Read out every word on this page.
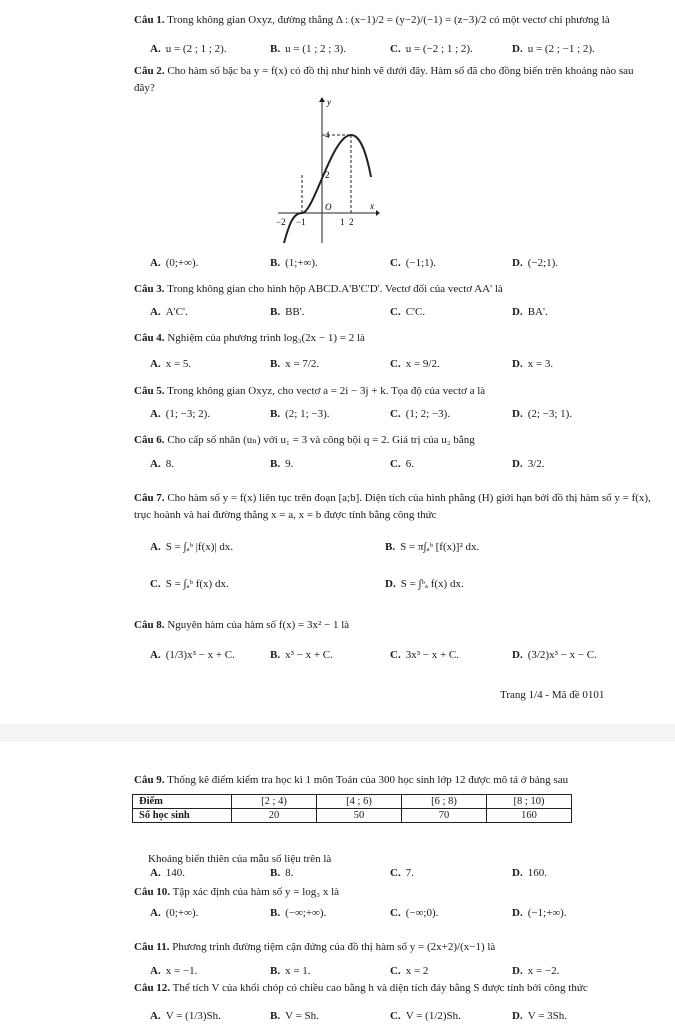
Câu 1. Trong không gian Oxyz, đường thẳng Δ : (x−1)/2 = (y−2)/(−1) = (z−3)/2 có một vectơ chỉ phương là
A. u = (2 ; 1 ; 2).	B. u = (1 ; 2 ; 3).	C. u = (−2 ; 1 ; 2).	D. u = (2 ; −1 ; 2).
Câu 2. Cho hàm số bậc ba y = f(x) có đồ thị như hình vẽ dưới đây. Hàm số đã cho đồng biến trên khoảng nào sau đây?
y
x
O
4
2
−2 −1	1 2
A. (0;+∞).	B. (1;+∞).	C. (−1;1).	D. (−2;1).
Câu 3. Trong không gian cho hình hộp ABCD.A'B'C'D'. Vectơ đối của vectơ AA' là
A. A'C'.	B. BB'.	C. C'C.	D. BA'.
Câu 4. Nghiệm của phương trình log₃(2x − 1) = 2 là
A. x = 5.	B. x = 7/2.	C. x = 9/2.	D. x = 3.
Câu 5. Trong không gian Oxyz, cho vectơ a = 2i − 3j + k. Tọa độ của vectơ a là
A. (1; −3; 2).	B. (2; 1; −3).	C. (1; 2; −3).	D. (2; −3; 1).
Câu 6. Cho cấp số nhân (uₙ) với u₁ = 3 và công bội q = 2. Giá trị của u₂ bằng
A. 8.	B. 9.	C. 6.	D. 3/2.
Câu 7. Cho hàm số y = f(x) liên tục trên đoạn [a;b]. Diện tích của hình phẳng (H) giới hạn bởi đồ thị hàm số y = f(x), trục hoành và hai đường thẳng x = a, x = b được tính bằng công thức
A. S = ∫ₐᵇ |f(x)| dx.	B. S = π∫ₐᵇ [f(x)]² dx.
C. S = ∫ₐᵇ f(x) dx.	D. S = ∫ᵇₐ f(x) dx.
Câu 8. Nguyên hàm của hàm số f(x) = 3x² − 1 là
A. (1/3)x³ − x + C.	B. x³ − x + C.	C. 3x³ − x + C.	D. (3/2)x³ − x − C.
Trang 1/4 - Mã đề 0101
Câu 9. Thống kê điểm kiểm tra học kì 1 môn Toán của 300 học sinh lớp 12 được mô tả ở bảng sau
Điểm	[2 ; 4)	[4 ; 6)	[6 ; 8)	[8 ; 10)
Số học sinh	20	50	70	160
Khoảng biến thiên của mẫu số liệu trên là
A. 140.	B. 8.	C. 7.	D. 160.
Câu 10. Tập xác định của hàm số y = log₃ x là
A. (0;+∞).	B. (−∞;+∞).	C. (−∞;0).	D. (−1;+∞).
Câu 11. Phương trình đường tiệm cận đứng của đồ thị hàm số y = (2x+2)/(x−1) là
A. x = −1.	B. x = 1.	C. x = 2	D. x = −2.
Câu 12. Thể tích V của khối chóp có chiều cao bằng h và diện tích đáy bằng S được tính bởi công thức
A. V = (1/3)Sh.	B. V = Sh.	C. V = (1/2)Sh.	D. V = 3Sh.
